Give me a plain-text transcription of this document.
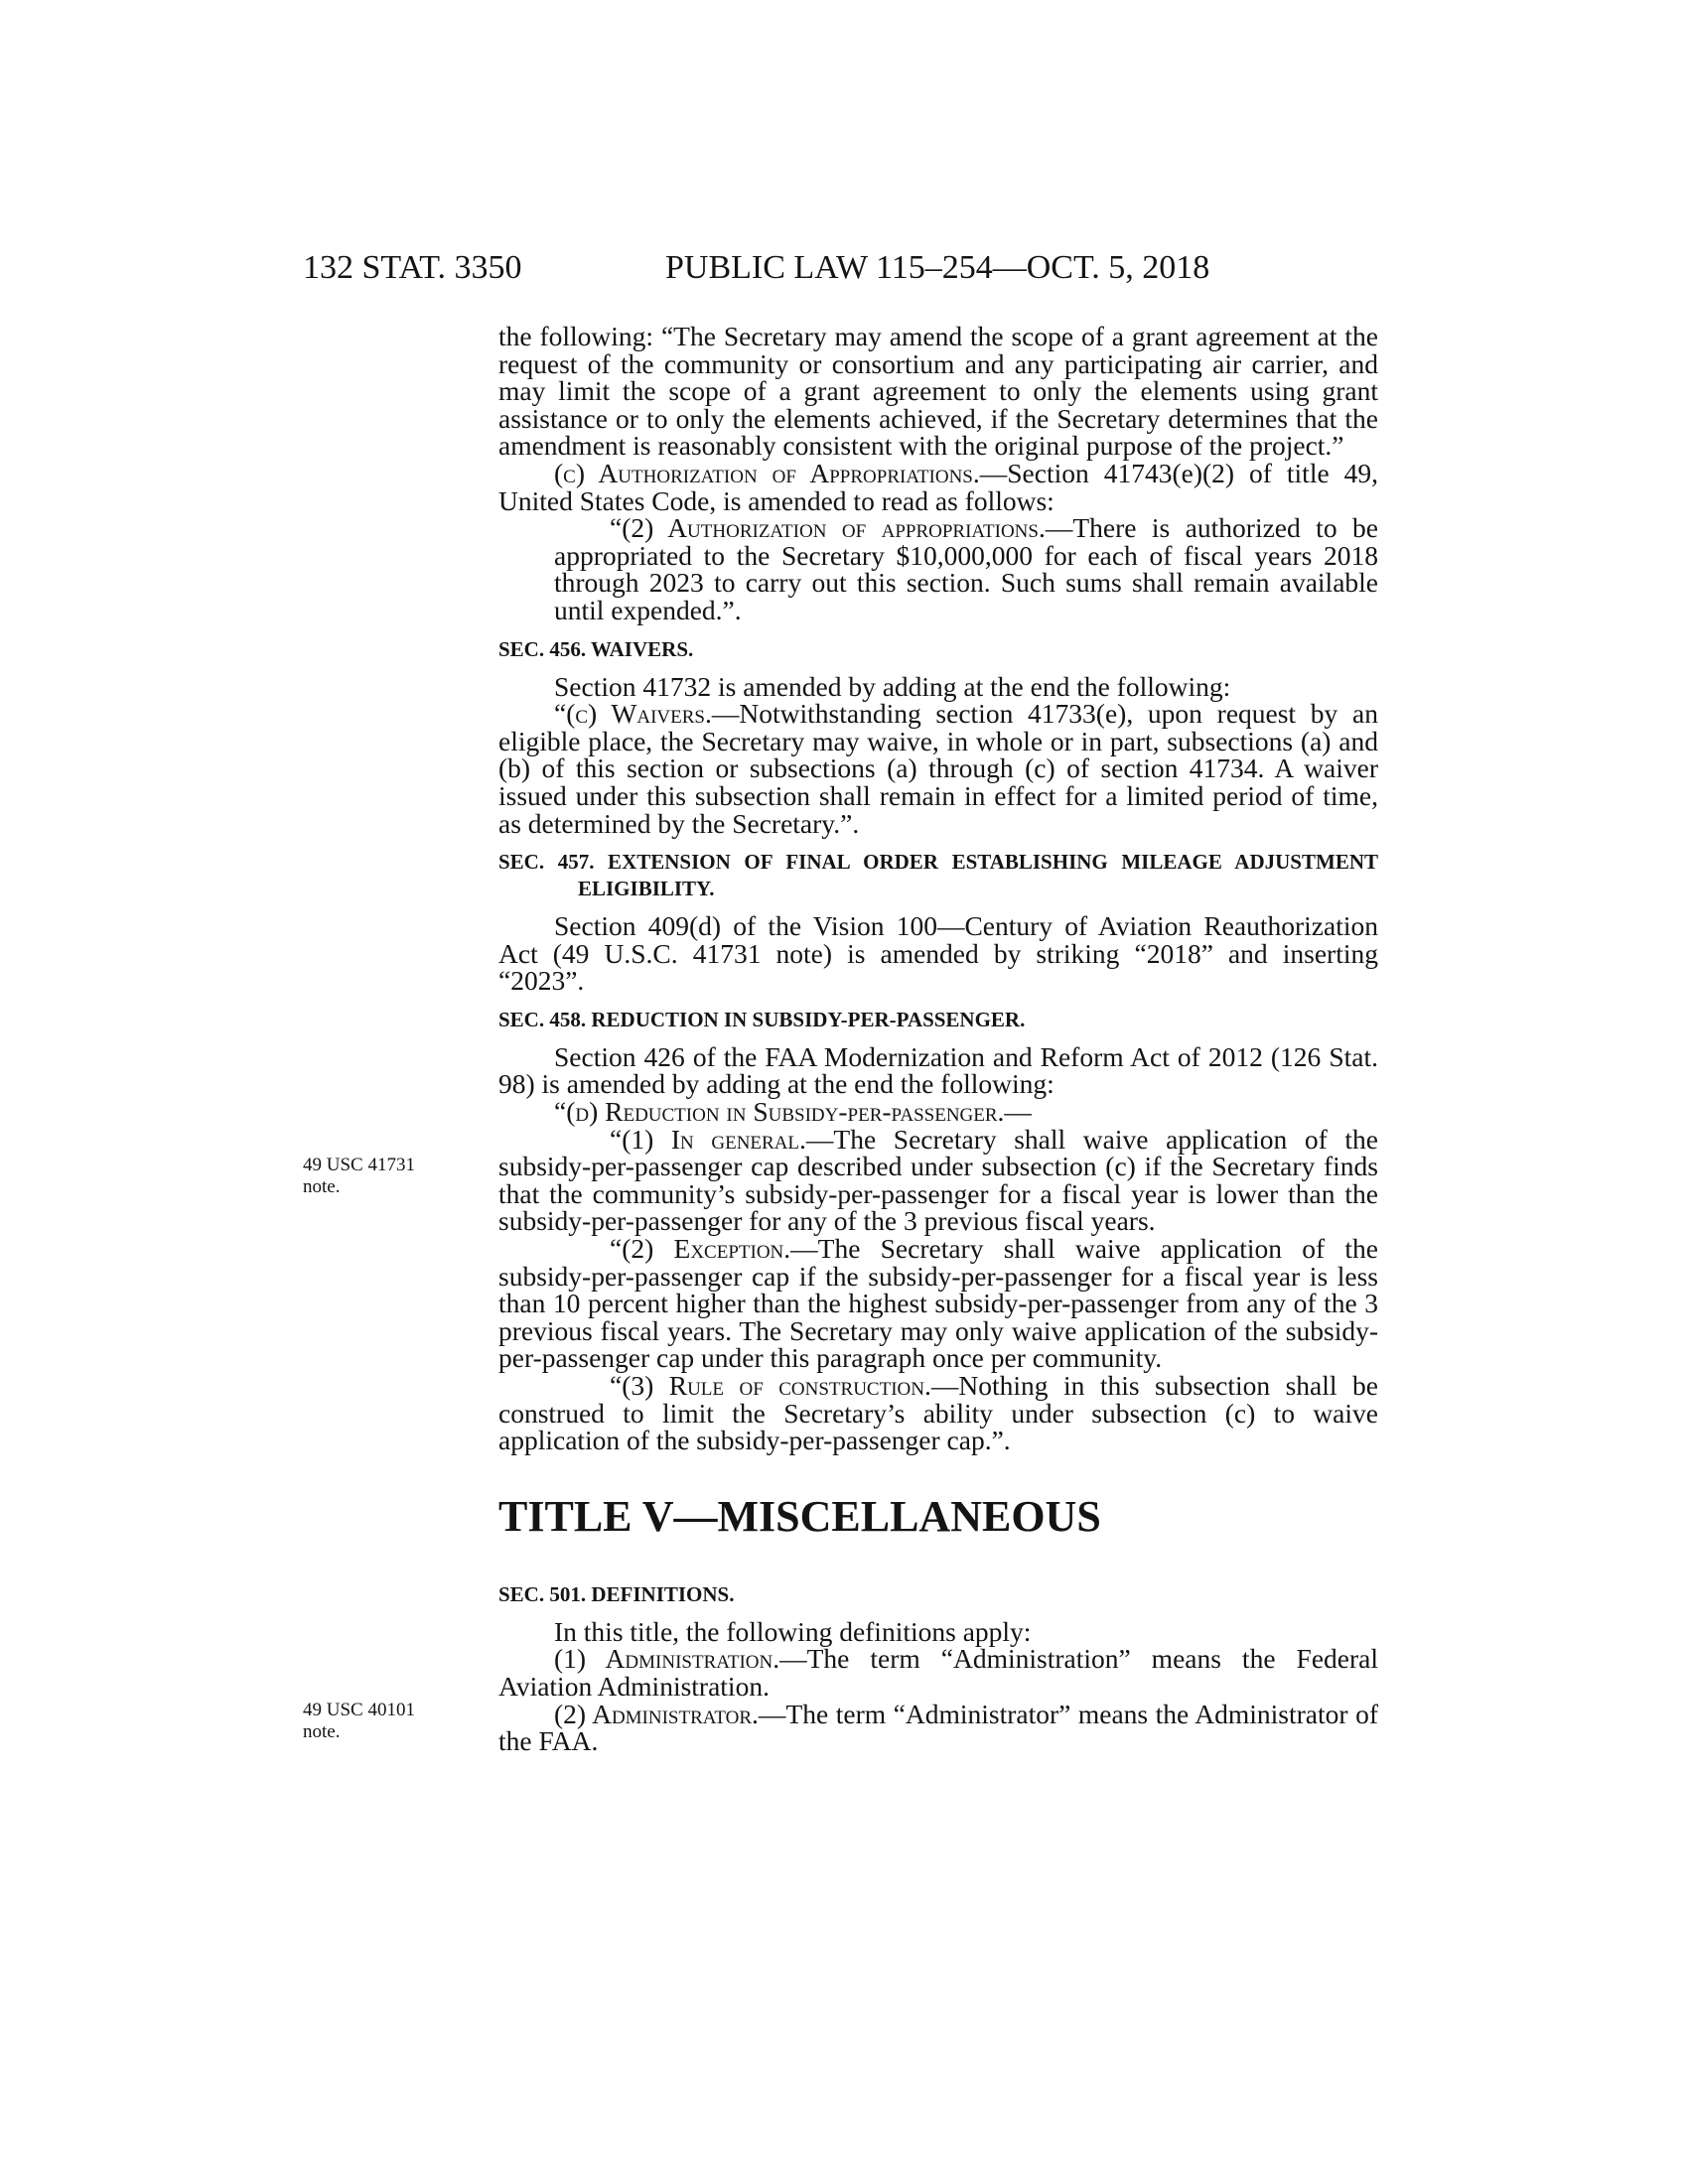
132 STAT. 3350	PUBLIC LAW 115–254—OCT. 5, 2018
49 USC 41731 note.
49 USC 40101 note.

the following: “The Secretary may amend the scope of a grant agreement at the request of the community or consortium and any participating air carrier, and may limit the scope of a grant agreement to only the elements using grant assistance or to only the elements achieved, if the Secretary determines that the amendment is reasonably consistent with the original purpose of the project.”

(c) Authorization of Appropriations.—Section 41743(e)(2) of title 49, United States Code, is amended to read as follows:

“(2) Authorization of appropriations.—There is authorized to be appropriated to the Secretary $10,000,000 for each of fiscal years 2018 through 2023 to carry out this section. Such sums shall remain available until expended.”.

SEC. 456. WAIVERS.

Section 41732 is amended by adding at the end the following:

“(c) Waivers.—Notwithstanding section 41733(e), upon request by an eligible place, the Secretary may waive, in whole or in part, subsections (a) and (b) of this section or subsections (a) through (c) of section 41734. A waiver issued under this subsection shall remain in effect for a limited period of time, as determined by the Secretary.”.

SEC. 457. EXTENSION OF FINAL ORDER ESTABLISHING MILEAGE ADJUSTMENT ELIGIBILITY.

Section 409(d) of the Vision 100—Century of Aviation Reauthorization Act (49 U.S.C. 41731 note) is amended by striking “2018” and inserting “2023”.

SEC. 458. REDUCTION IN SUBSIDY-PER-PASSENGER.

Section 426 of the FAA Modernization and Reform Act of 2012 (126 Stat. 98) is amended by adding at the end the following:

“(d) Reduction in Subsidy-per-passenger.—

“(1) In general.—The Secretary shall waive application of the subsidy-per-passenger cap described under subsection (c) if the Secretary finds that the community’s subsidy-per-passenger for a fiscal year is lower than the subsidy-per-passenger for any of the 3 previous fiscal years.

“(2) Exception.—The Secretary shall waive application of the subsidy-per-passenger cap if the subsidy-per-passenger for a fiscal year is less than 10 percent higher than the highest subsidy-per-passenger from any of the 3 previous fiscal years. The Secretary may only waive application of the subsidy-per-passenger cap under this paragraph once per community.

“(3) Rule of construction.—Nothing in this subsection shall be construed to limit the Secretary’s ability under subsection (c) to waive application of the subsidy-per-passenger cap.”.

TITLE V—MISCELLANEOUS

SEC. 501. DEFINITIONS.

In this title, the following definitions apply:

(1) Administration.—The term “Administration” means the Federal Aviation Administration.

(2) Administrator.—The term “Administrator” means the Administrator of the FAA.
